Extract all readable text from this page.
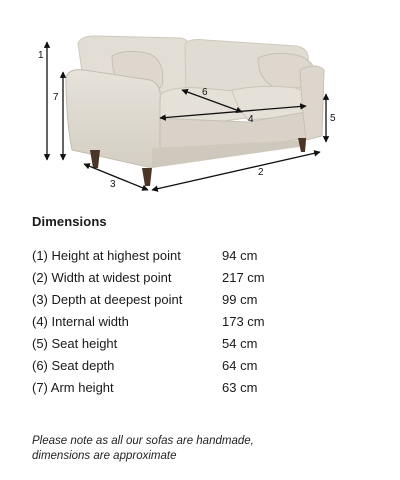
1
2
3
4	5
6
7
Dimensions
(1) Height at highest point	94 cm
(2) Width at widest point	217 cm
(3) Depth at deepest point	99 cm
(4) Internal width	173 cm
(5) Seat height	54 cm
(6) Seat depth	64 cm
(7) Arm height	63 cm
Please note as all our sofas are handmade,
dimensions are approximate
